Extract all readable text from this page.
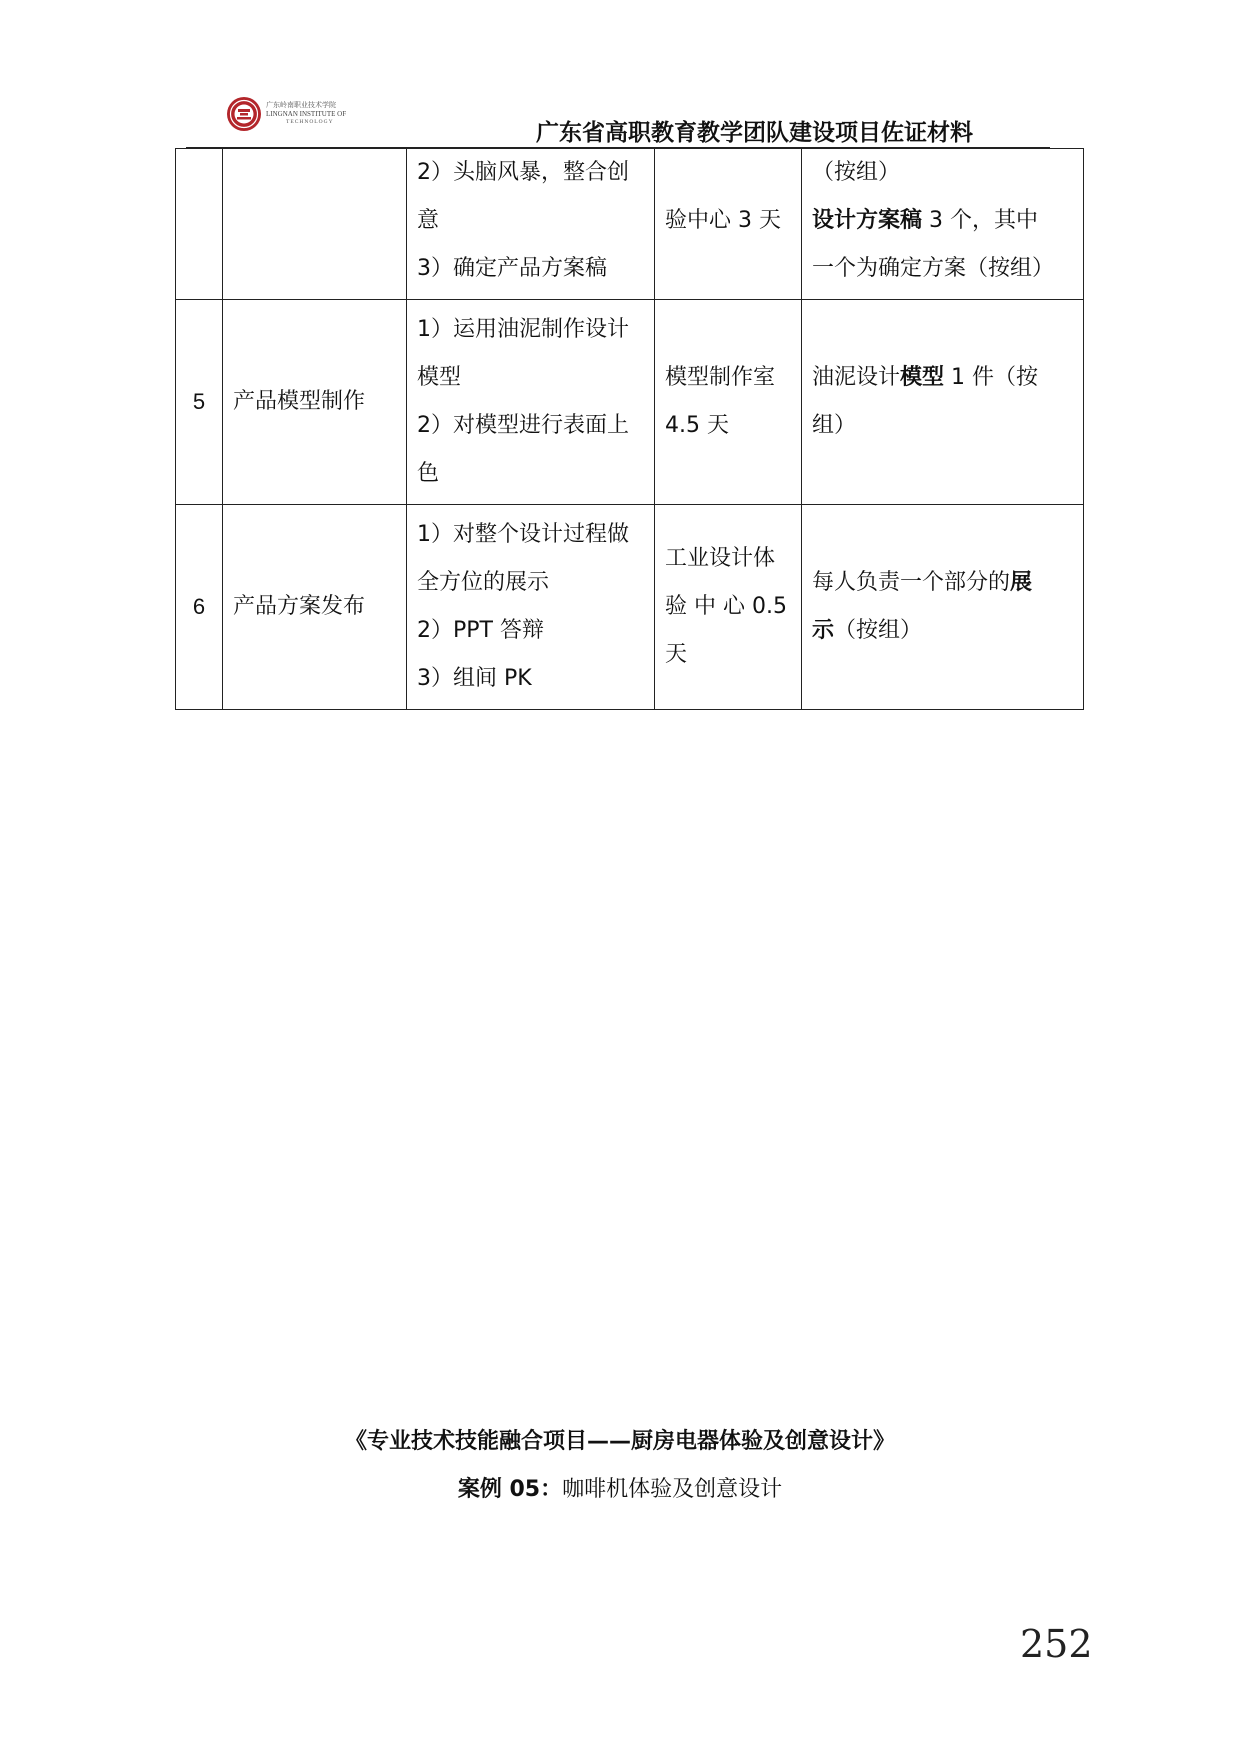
广东岭南职业技术学院
LINGNAN INSTITUTE OF
TECHNOLOGY	广东省高职教育教学团队建设项目佐证材料

		2）头脑风暴，整合创
意
3）确定产品方案稿	验中心 3 天	（按组）
设计方案稿 3 个，其中
一个为确定方案（按组）

5	产品模型制作	1）运用油泥制作设计
模型
2）对模型进行表面上
色	模型制作室
4.5 天	油泥设计模型 1 件（按
组）

6	产品方案发布	1）对整个设计过程做
全方位的展示
2）PPT 答辩
3）组间 PK	工业设计体
验 中 心 0.5
天	每人负责一个部分的展
示（按组）
《专业技术技能融合项目——厨房电器体验及创意设计》
案例 05：咖啡机体验及创意设计
252
